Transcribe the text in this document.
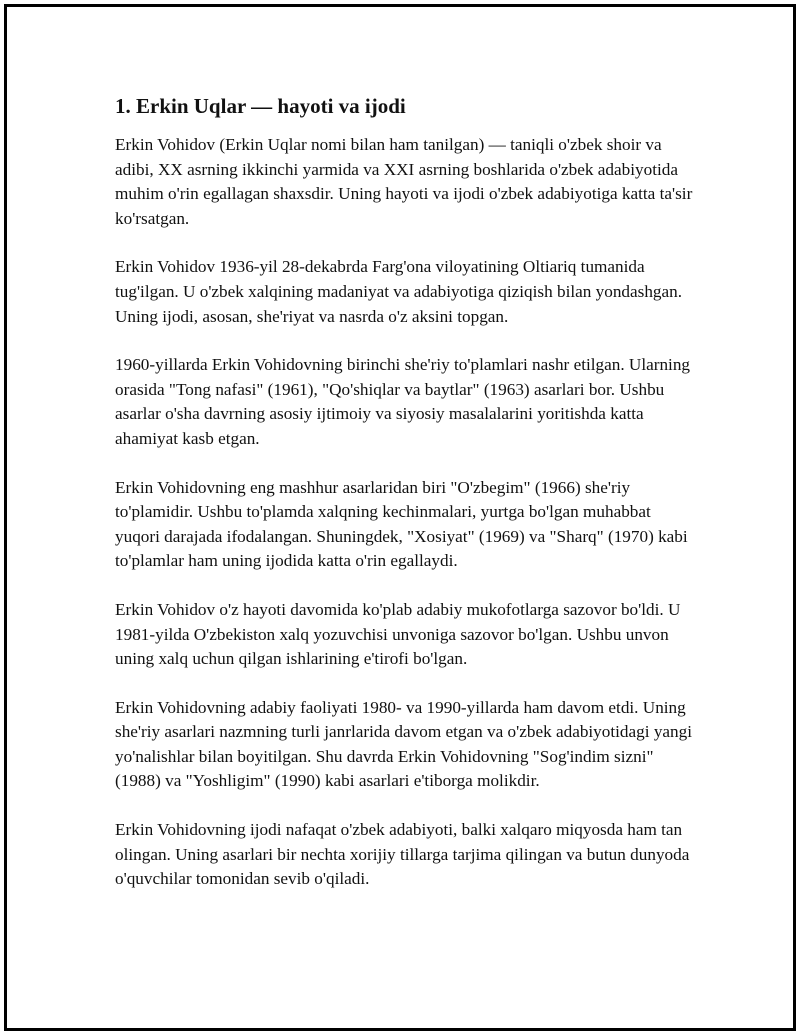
1. Erkin Uqlar — hayoti va ijodi

Erkin Vohidov (Erkin Uqlar nomi bilan ham tanilgan) — taniqli o'zbek shoir va adibi, XX asrning ikkinchi yarmida va XXI asrning boshlarida o'zbek adabiyotida muhim o'rin egallagan shaxsdir. Uning hayoti va ijodi o'zbek adabiyotiga katta ta'sir ko'rsatgan.

Erkin Vohidov 1936-yil 28-dekabrda Farg'ona viloyatining Oltiariq tumanida tug'ilgan. U o'zbek xalqining madaniyat va adabiyotiga qiziqish bilan yondashgan. Uning ijodi, asosan, she'riyat va nasrda o'z aksini topgan.

1960-yillarda Erkin Vohidovning birinchi she'riy to'plamlari nashr etilgan. Ularning orasida "Tong nafasi" (1961), "Qo'shiqlar va baytlar" (1963) asarlari bor. Ushbu asarlar o'sha davrning asosiy ijtimoiy va siyosiy masalalarini yoritishda katta ahamiyat kasb etgan.

Erkin Vohidovning eng mashhur asarlaridan biri "O'zbegim" (1966) she'riy to'plamidir. Ushbu to'plamda xalqning kechinmalari, yurtga bo'lgan muhabbat yuqori darajada ifodalangan. Shuningdek, "Xosiyat" (1969) va "Sharq" (1970) kabi to'plamlar ham uning ijodida katta o'rin egallaydi.

Erkin Vohidov o'z hayoti davomida ko'plab adabiy mukofotlarga sazovor bo'ldi. U 1981-yilda O'zbekiston xalq yozuvchisi unvoniga sazovor bo'lgan. Ushbu unvon uning xalq uchun qilgan ishlarining e'tirofi bo'lgan.

Erkin Vohidovning adabiy faoliyati 1980- va 1990-yillarda ham davom etdi. Uning she'riy asarlari nazmning turli janrlarida davom etgan va o'zbek adabiyotidagi yangi yo'nalishlar bilan boyitilgan. Shu davrda Erkin Vohidovning "Sog'indim sizni" (1988) va "Yoshligim" (1990) kabi asarlari e'tiborga molikdir.

Erkin Vohidovning ijodi nafaqat o'zbek adabiyoti, balki xalqaro miqyosda ham tan olingan. Uning asarlari bir nechta xorijiy tillarga tarjima qilingan va butun dunyoda o'quvchilar tomonidan sevib o'qiladi.
